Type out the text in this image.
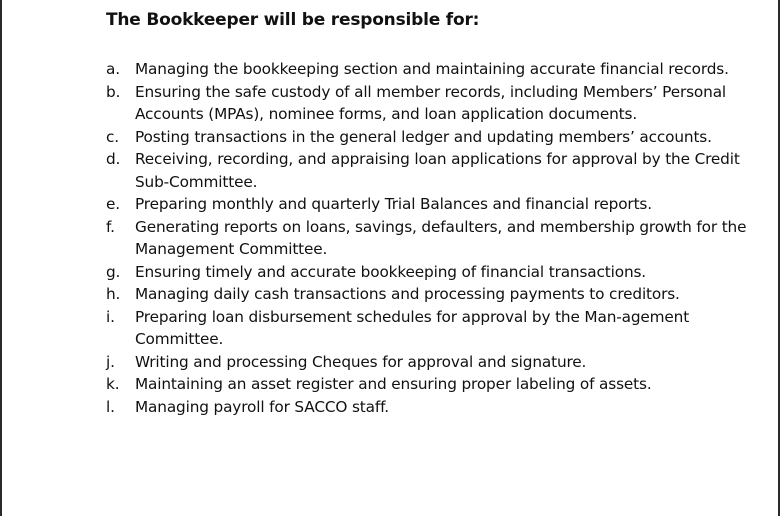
The Bookkeeper will be responsible for:
a. Managing the bookkeeping section and maintaining accurate financial records.
b. Ensuring the safe custody of all member records, including Members’ Personal Accounts (MPAs), nominee forms, and loan application documents.
c.	Posting transactions in the general ledger and updating members’ accounts.
d. Receiving, recording, and appraising loan applications for approval by the Credit Sub-Committee.
e. Preparing monthly and quarterly Trial Balances and financial reports.
f.	Generating reports on loans, savings, defaulters, and membership growth for the Management Committee.
g. Ensuring timely and accurate bookkeeping of financial transactions.
h. Managing daily cash transactions and processing payments to creditors.
i.	Preparing loan disbursement schedules for approval by the Man-agement Committee.
j.	Writing and processing Cheques for approval and signature.
k.	Maintaining an asset register and ensuring proper labeling of assets.
l.	Managing payroll for SACCO staff.
